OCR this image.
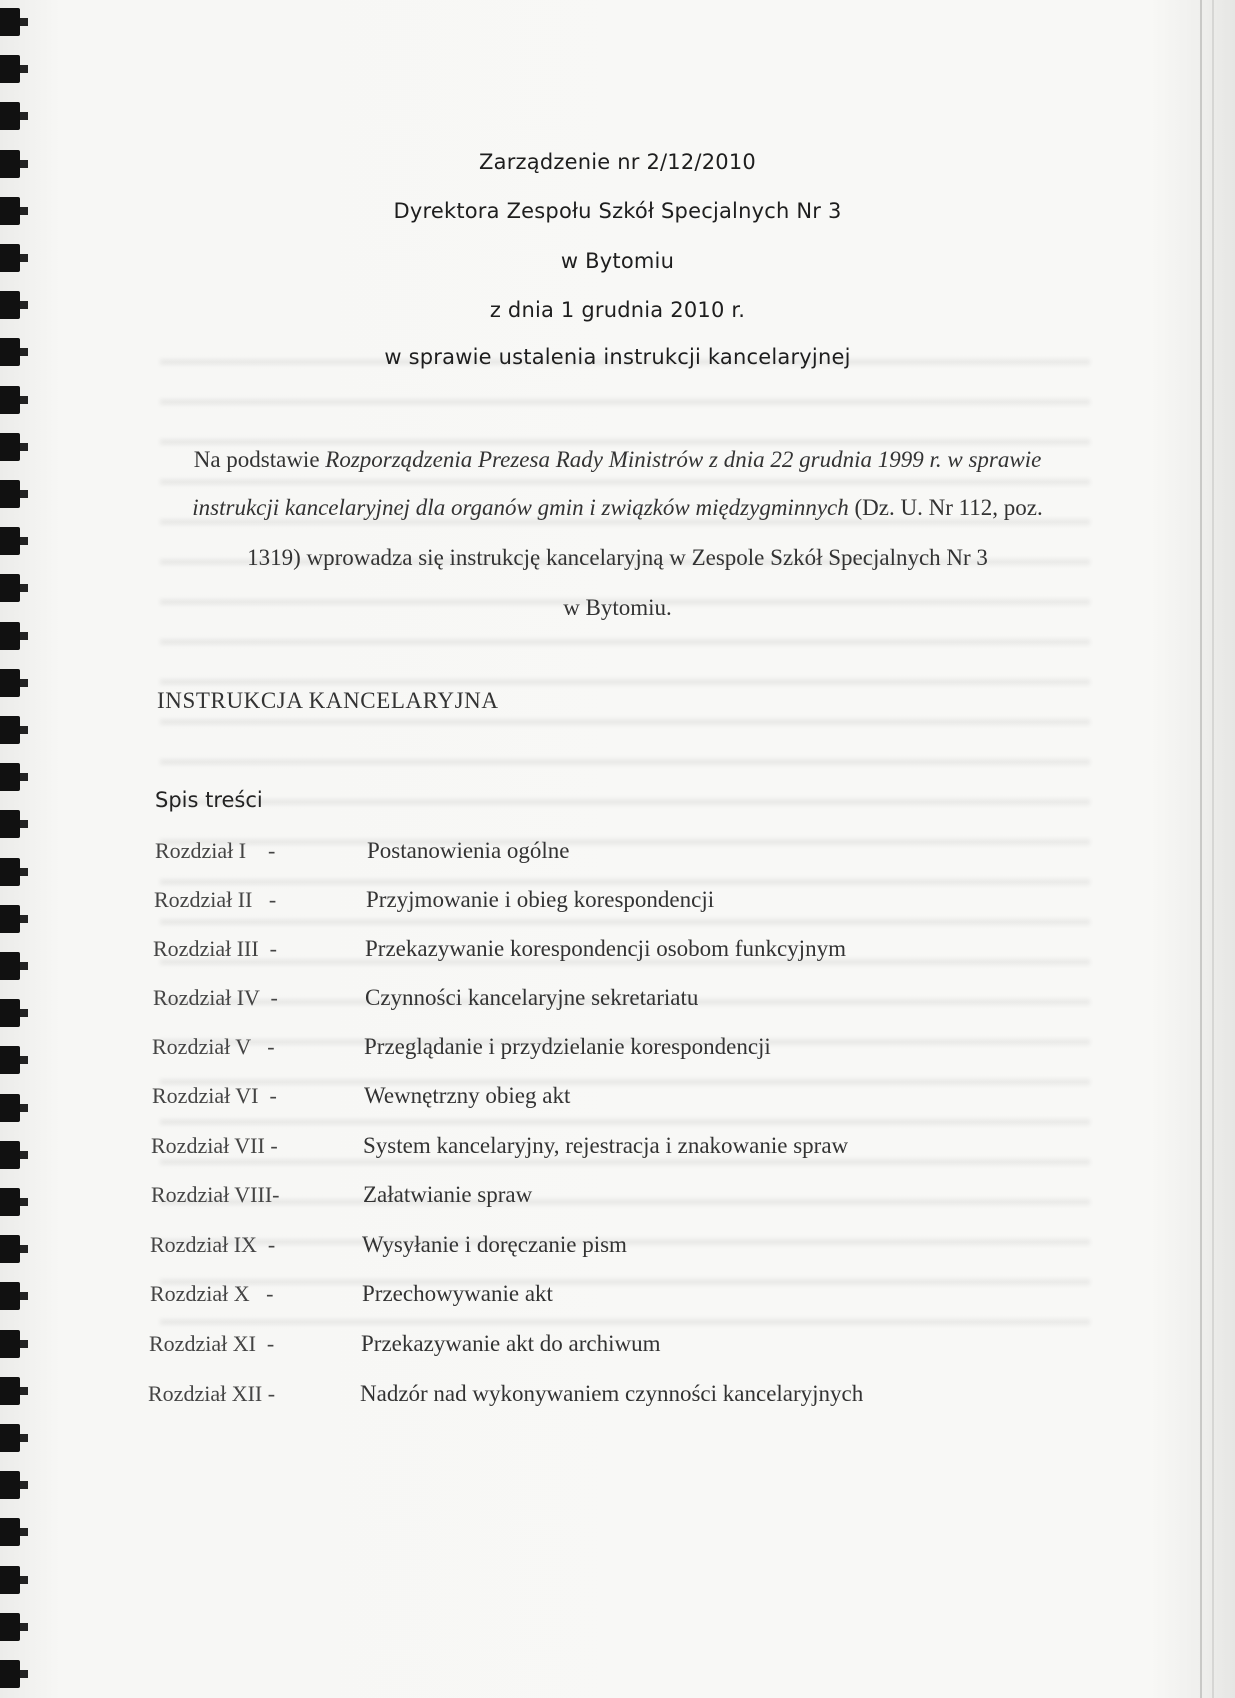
Zarządzenie nr 2/12/2010
Dyrektora Zespołu Szkół Specjalnych Nr 3
w Bytomiu
z dnia 1 grudnia 2010 r.
w sprawie ustalenia instrukcji kancelaryjnej
Na podstawie Rozporządzenia Prezesa Rady Ministrów z dnia 22 grudnia 1999 r. w sprawie
instrukcji kancelaryjnej dla organów gmin i związków międzygminnych (Dz. U. Nr 112, poz.
1319) wprowadza się instrukcję kancelaryjną w Zespole Szkół Specjalnych Nr 3
w Bytomiu.
INSTRUKCJA KANCELARYJNA
Spis treści
Rozdział I    -	Postanowienia ogólne
Rozdział II   -	Przyjmowanie i obieg korespondencji
Rozdział III  -	Przekazywanie korespondencji osobom funkcyjnym
Rozdział IV  -	Czynności kancelaryjne sekretariatu
Rozdział V   -	Przeglądanie i przydzielanie korespondencji
Rozdział VI  -	Wewnętrzny obieg akt
Rozdział VII -	System kancelaryjny, rejestracja i znakowanie spraw
Rozdział VIII-	Załatwianie spraw
Rozdział IX  -	Wysyłanie i doręczanie pism
Rozdział X   -	Przechowywanie akt
Rozdział XI  -	Przekazywanie akt do archiwum
Rozdział XII -	Nadzór nad wykonywaniem czynności kancelaryjnych
